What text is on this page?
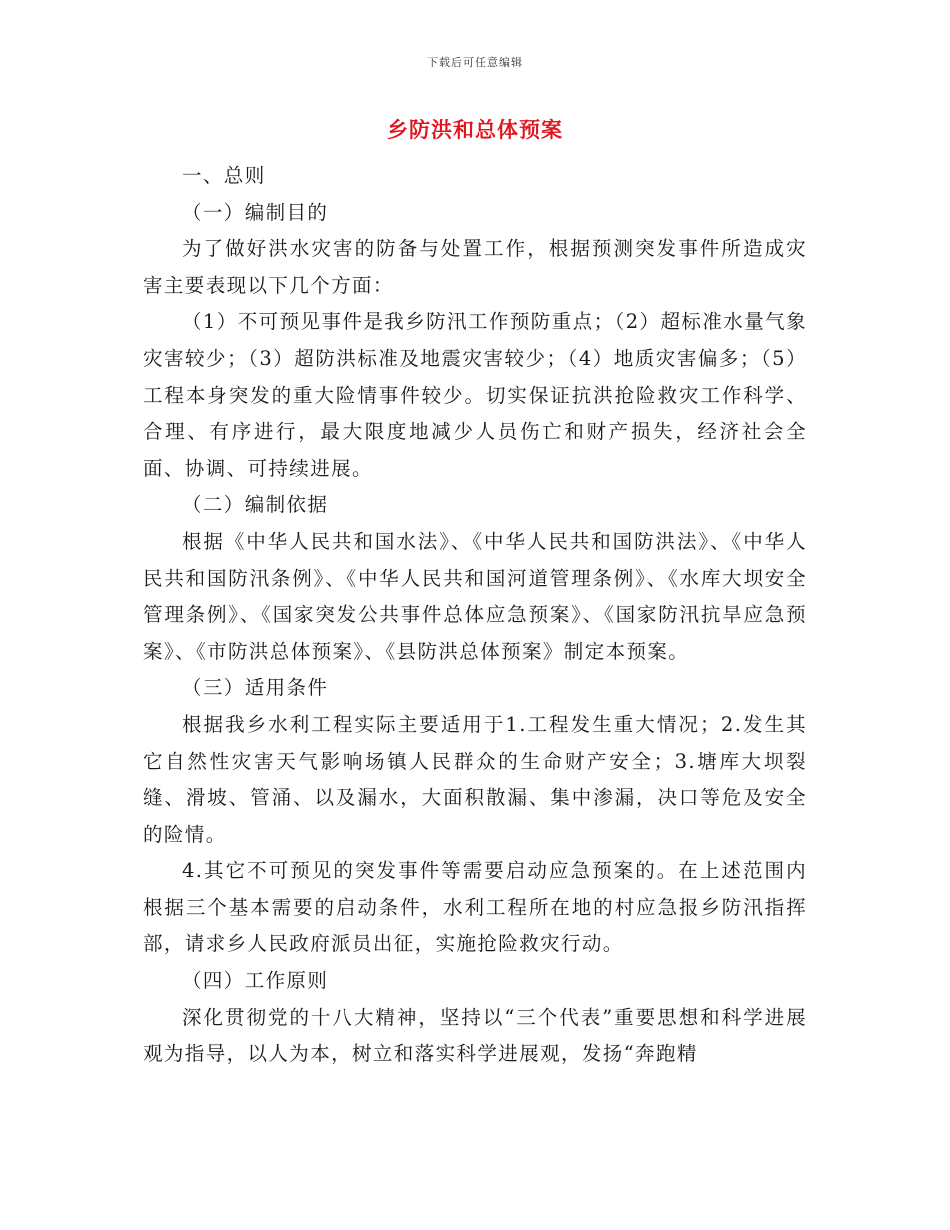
下载后可任意编辑
乡防洪和总体预案

一、总则

（一）编制目的

为了做好洪水灾害的防备与处置工作，根据预测突发事件所造成灾害主要表现以下几个方面：

（1）不可预见事件是我乡防汛工作预防重点；（2）超标准水量气象灾害较少；（3）超防洪标准及地震灾害较少；（4）地质灾害偏多；（5）工程本身突发的重大险情事件较少。切实保证抗洪抢险救灾工作科学、合理、有序进行，最大限度地减少人员伤亡和财产损失，经济社会全面、协调、可持续进展。

（二）编制依据

根据《中华人民共和国水法》、《中华人民共和国防洪法》、《中华人民共和国防汛条例》、《中华人民共和国河道管理条例》、《水库大坝安全管理条例》、《国家突发公共事件总体应急预案》、《国家防汛抗旱应急预案》、《市防洪总体预案》、《县防洪总体预案》制定本预案。

（三）适用条件

根据我乡水利工程实际主要适用于1.工程发生重大情况；2.发生其它自然性灾害天气影响场镇人民群众的生命财产安全；3.塘库大坝裂缝、滑坡、管涌、以及漏水，大面积散漏、集中渗漏，决口等危及安全的险情。

4.其它不可预见的突发事件等需要启动应急预案的。在上述范围内根据三个基本需要的启动条件，水利工程所在地的村应急报乡防汛指挥部，请求乡人民政府派员出征，实施抢险救灾行动。

（四）工作原则

深化贯彻党的十八大精神，坚持以“三个代表”重要思想和科学进展观为指导，以人为本，树立和落实科学进展观，发扬“奔跑精
